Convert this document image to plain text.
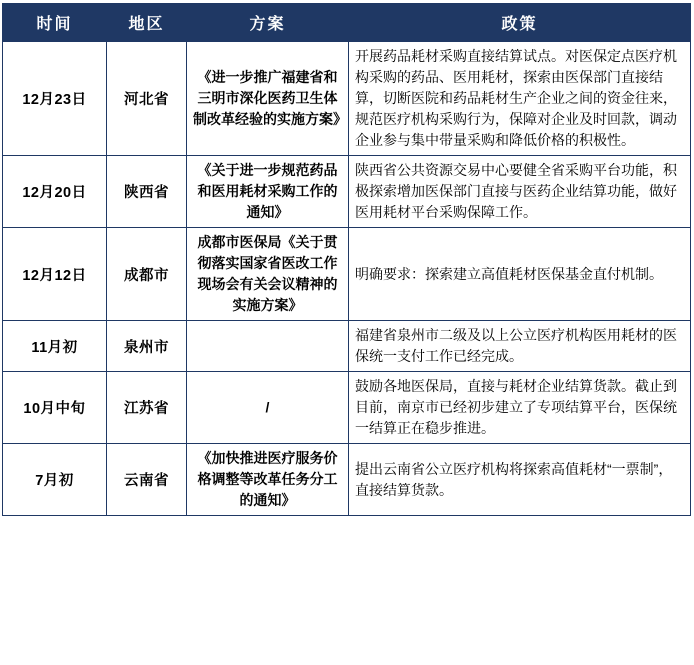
时间	地区	方案	政策
12月23日	河北省	《进一步推广福建省和三明市深化医药卫生体制改革经验的实施方案》	开展药品耗材采购直接结算试点。对医保定点医疗机构采购的药品、医用耗材，探索由医保部门直接结算，切断医院和药品耗材生产企业之间的资金往来，规范医疗机构采购行为，保障对企业及时回款，调动企业参与集中带量采购和降低价格的积极性。
12月20日	陕西省	《关于进一步规范药品和医用耗材采购工作的通知》	陕西省公共资源交易中心要健全省采购平台功能，积极探索增加医保部门直接与医药企业结算功能，做好医用耗材平台采购保障工作。
12月12日	成都市	成都市医保局《关于贯彻落实国家省医改工作现场会有关会议精神的实施方案》	明确要求：探索建立高值耗材医保基金直付机制。
11月初	泉州市		福建省泉州市二级及以上公立医疗机构医用耗材的医保统一支付工作已经完成。
10月中旬	江苏省	/	鼓励各地医保局，直接与耗材企业结算货款。截止到目前，南京市已经初步建立了专项结算平台，医保统一结算正在稳步推进。
7月初	云南省	《加快推进医疗服务价格调整等改革任务分工的通知》	提出云南省公立医疗机构将探索高值耗材“一票制”，直接结算货款。
